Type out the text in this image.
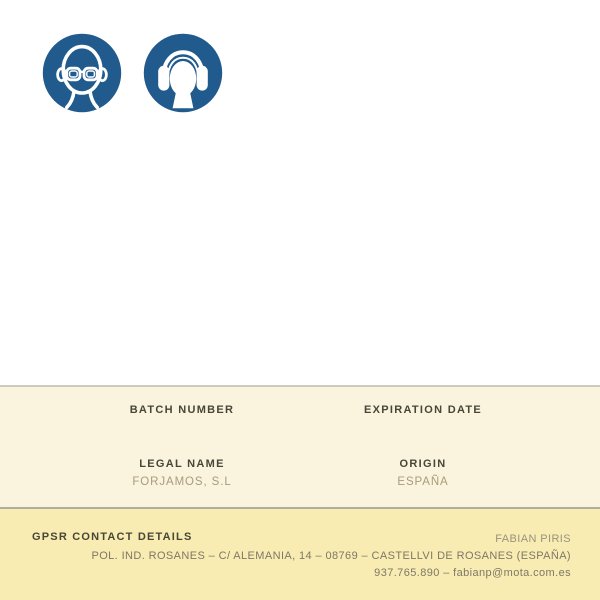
BATCH NUMBER
LEGAL NAME
FORJAMOS, S.L
EXPIRATION DATE
ORIGIN
ESPAÑA
GPSR CONTACT DETAILS	FABIAN PIRIS
POL. IND. ROSANES – C/ ALEMANIA, 14 – 08769 – CASTELLVI DE ROSANES (ESPAÑA)
937.765.890 – fabianp@mota.com.es
